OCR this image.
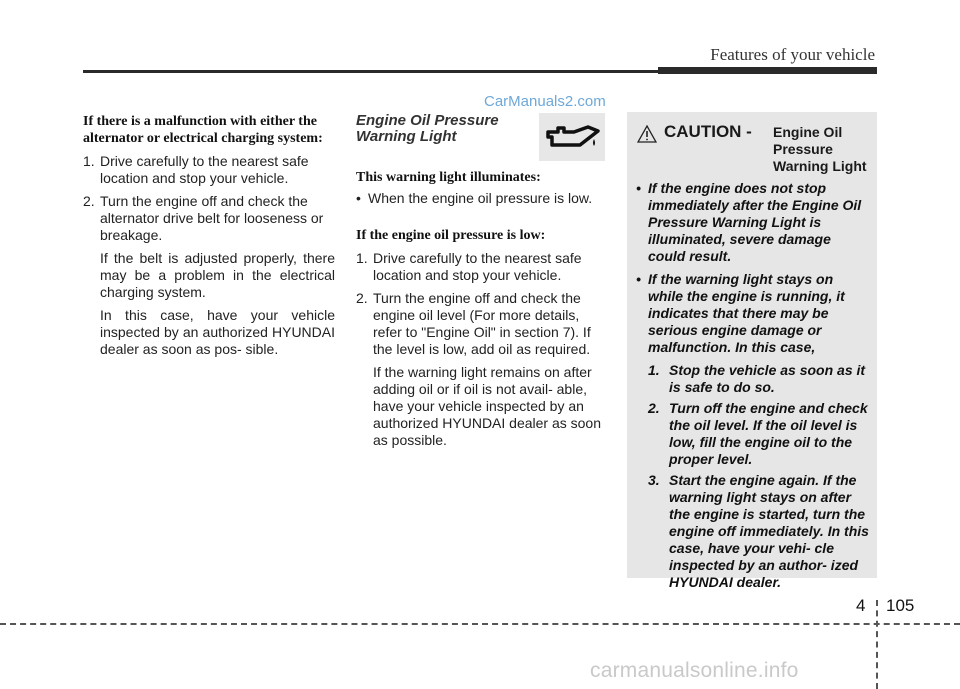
Features of your vehicle
CarManuals2.com
If there is a malfunction with either the alternator or electrical charging system:
1. Drive carefully to the nearest safe location and stop your vehicle.
2. Turn the engine off and check the alternator drive belt for looseness or breakage.
If the belt is adjusted properly, there may be a problem in the electrical charging system.
In this case, have your vehicle inspected by an authorized HYUNDAI dealer as soon as pos- sible.
Engine Oil Pressure Warning Light
This warning light illuminates:
• When the engine oil pressure is low.
If the engine oil pressure is low:
1. Drive carefully to the nearest safe location and stop your vehicle.
2. Turn the engine off and check the engine oil level (For more details, refer to "Engine Oil" in section 7). If the level is low, add oil as required.
If the warning light remains on after adding oil or if oil is not avail- able, have your vehicle inspected by an authorized HYUNDAI dealer as soon as possible.
CAUTION - Engine Oil Pressure Warning Light
• If the engine does not stop immediately after the Engine Oil Pressure Warning Light is illuminated, severe damage could result.
• If the warning light stays on while the engine is running, it indicates that there may be serious engine damage or malfunction. In this case,
1. Stop the vehicle as soon as it is safe to do so.
2. Turn off the engine and check the oil level. If the oil level is low, fill the engine oil to the proper level.
3. Start the engine again. If the warning light stays on after the engine is started, turn the engine off immediately. In this case, have your vehi- cle inspected by an author- ized HYUNDAI dealer.
4 105
carmanualsonline.info
